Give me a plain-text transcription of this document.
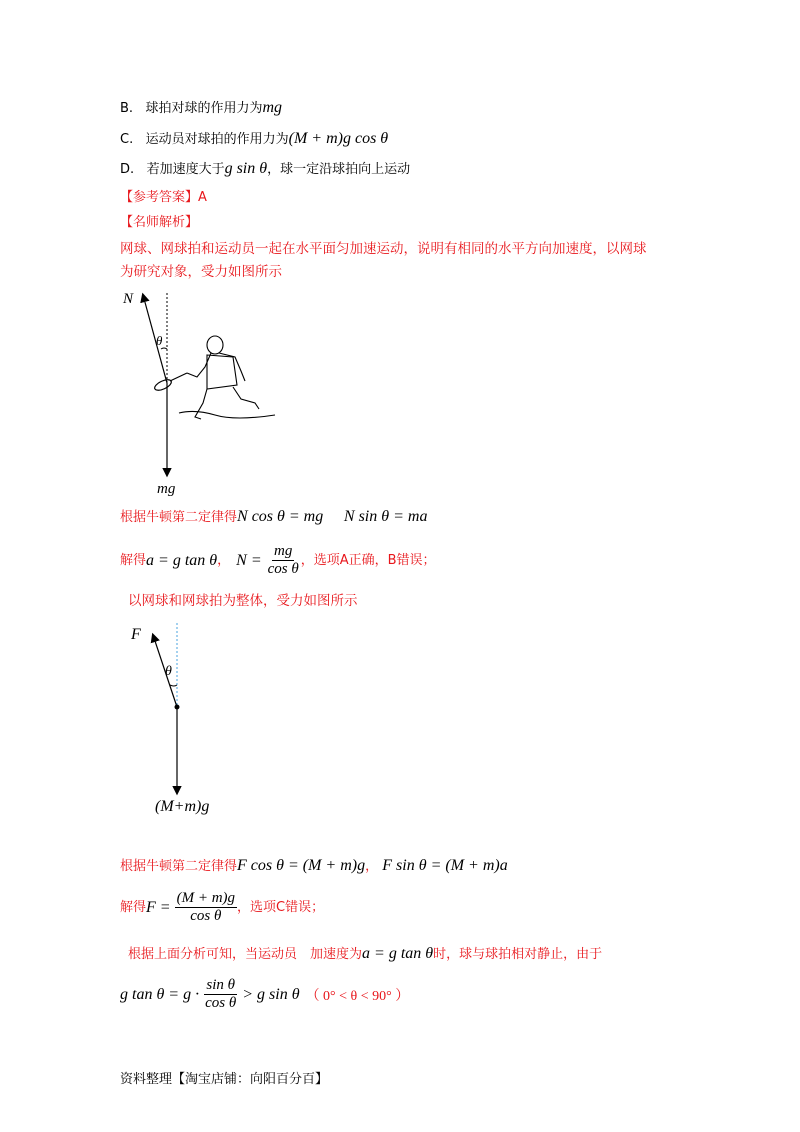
B. 球拍对球的作用力为mg
C. 运动员对球拍的作用力为(M + m)g cos θ
D. 若加速度大于g sin θ，球一定沿球拍向上运动
【参考答案】A
【名师解析】
网球、网球拍和运动员一起在水平面匀加速运动，说明有相同的水平方向加速度，以网球
为研究对象，受力如图所示
N
θ
mg
根据牛顿第二定律得N cos θ = mg N sin θ = ma
解得 a = g tan θ ， $N = \frac{mg}{\text{cos θ}}$ ，选项A正确，B错误；
以网球和网球拍为整体，受力如图所示
F
θ
(M+m)g
根据牛顿第二定律得F cos θ = (M + m)g， F sin θ = (M + m)a
解得 $F = \frac{(M + m)g}{\text{cos θ}}$ ，选项C错误；
根据上面分析可知，当运动员　加速度为a = g tan θ时，球与球拍相对静止，由于
g $\tan \theta = g \cdot \frac{\text{sin θ}}{\text{cos θ}} > g$ sin θ （ 0° < θ < 90° ）
资料整理【淘宝店铺：向阳百分百】
